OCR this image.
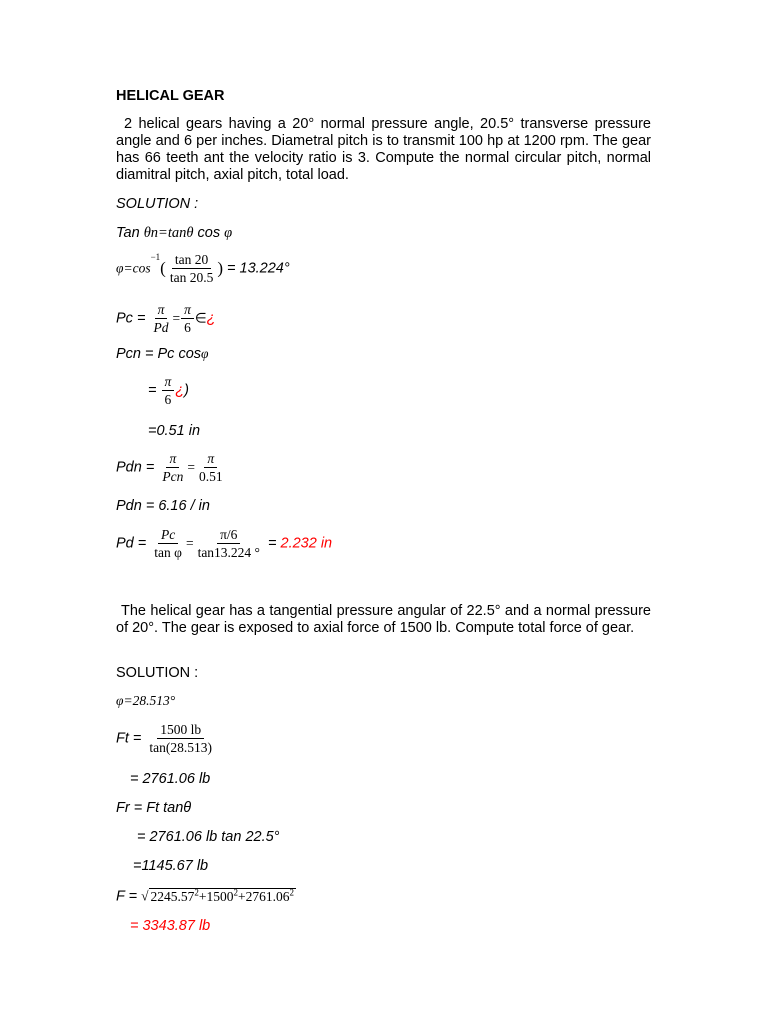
HELICAL GEAR
2 helical gears having a 20° normal pressure angle, 20.5° transverse pressure angle and 6 per inches. Diametral pitch is to transmit 100 hp at 1200 rpm. The gear has 66 teeth ant the velocity ratio is 3. Compute the normal circular pitch, normal diamitral pitch, axial pitch, total load.
SOLUTION :
Tan θn=tanθ cos φ
$\varphi=\cos^{-1}( \frac{\tan 20}{\tan 20.5}$ ) = 13.224°
$Pc = \frac{\pi}{Pd} = \frac{\pi}{6}$ ∈¿
Pcn = Pc cosφ
= $\frac{\pi}{6}$ ¿)
=0.51 in
Pdn = $\frac{\pi}{\text{Pcn}} = \frac{\pi}{0.51}$
Pdn = 6.16 / in
$Pd = \frac{Pc}{\text{tan φ}} = \frac{\pi/6}{\tan 13.224 ^\circ} = 2.232$ in
The helical gear has a tangential pressure angular of 22.5° and a normal pressure of 20°. The gear is exposed to axial force of 1500 lb. Compute total force of gear.
SOLUTION :
φ=28.513°
$Ft = \frac{1500 lb}{\tan(28.513)}$
= 2761.06 lb
Fr = Ft tanθ
= 2761.06 lb tan 22.5°
=1145.67 lb
F = √ $2245.57^2+1500^2+2761.06^2$
= 3343.87 lb
